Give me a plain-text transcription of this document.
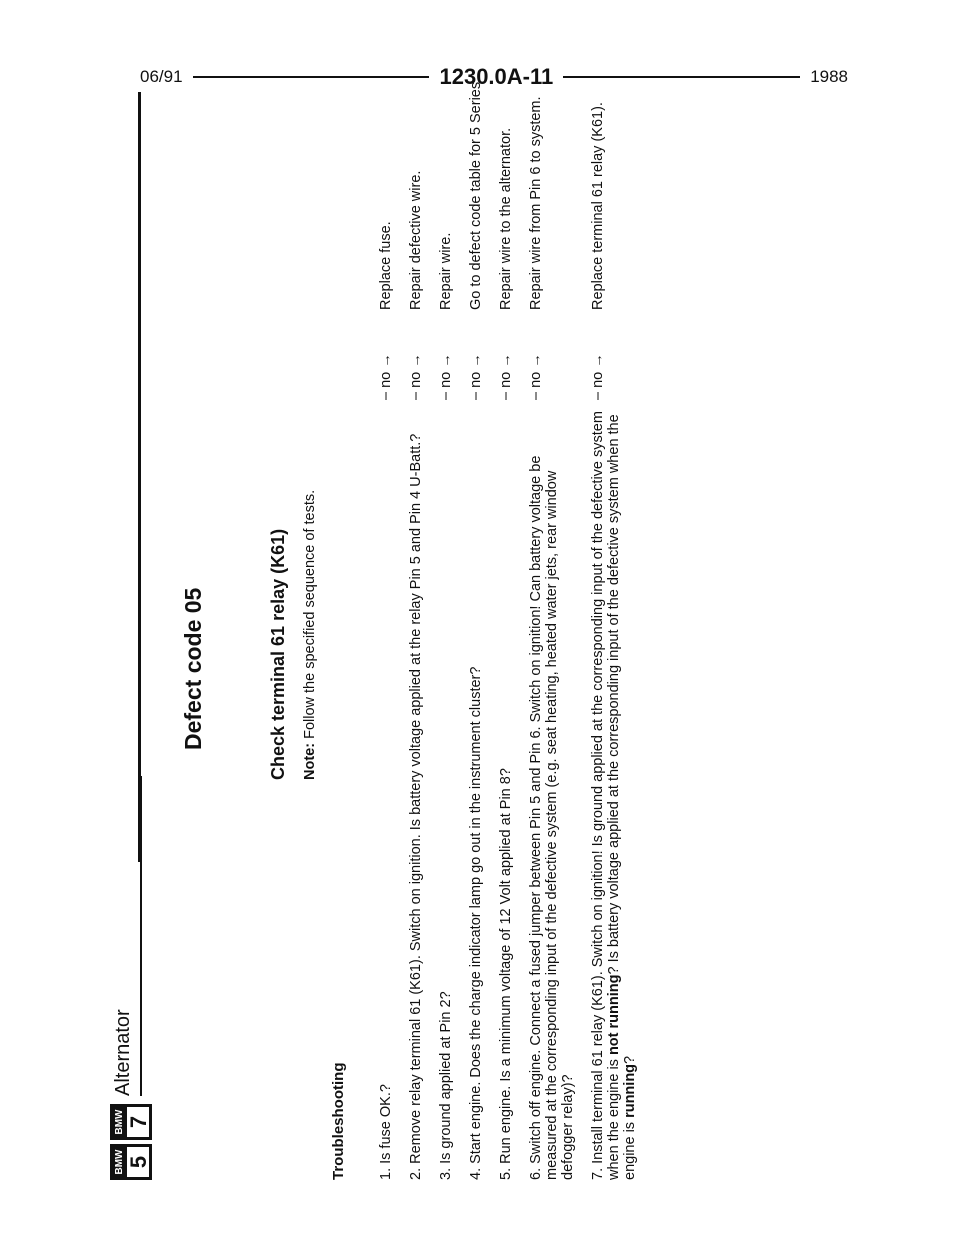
06/91	1230.0A-11	1988
BMW 5
BMW 7
Alternator
Defect code 05	Check terminal 61 relay (K61) Note: Follow the specified sequence of tests.
Troubleshooting 1. Is fuse OK.?
– no →
Replace fuse.
2. Remove relay terminal 61 (K61). Switch on ignition. Is battery voltage applied at the relay Pin 5 and Pin 4 U-Batt.?
– no →
Repair defective wire.
3. Is ground applied at Pin 2?
– no →
Repair wire.
4. Start engine. Does the charge indicator lamp go out in the instrument cluster?
– no →
Go to defect code table for 5 Series.
5. Run engine. Is a minimum voltage of 12 Volt applied at Pin 8?
– no →
Repair wire to the alternator.
6. Switch off engine. Connect a fused jumper between Pin 5 and Pin 6. Switch on ignition! Can battery voltage be measured at the corresponding input of the defective system (e.g. seat heating, heated water jets, rear window defogger relay)?
– no →
Repair wire from Pin 6 to system.
7. Install terminal 61 relay (K61). Switch on ignition! Is ground applied at the corresponding input of the defective system when the engine is not running? Is battery voltage applied at the corresponding input of the defective system when the engine is running?
– no →
Replace terminal 61 relay (K61).
